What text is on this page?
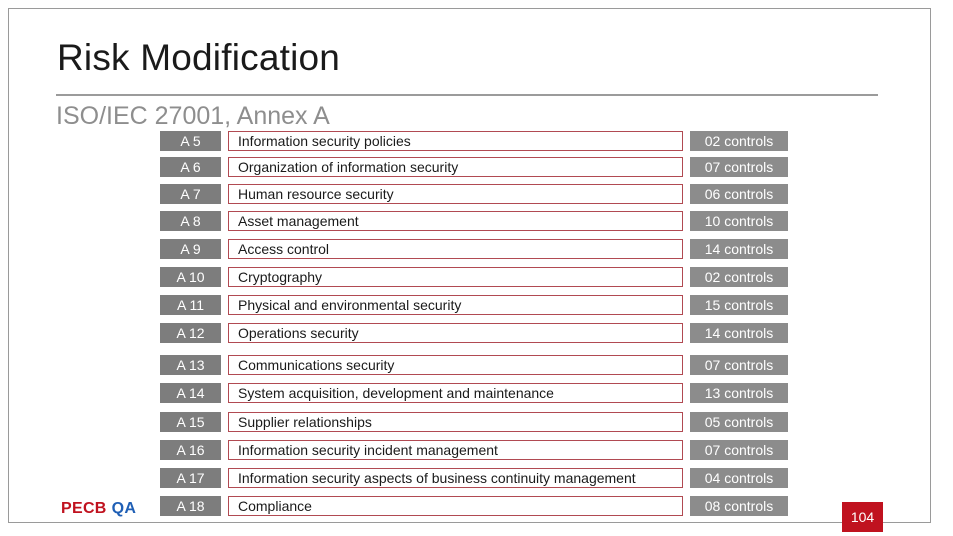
Risk Modification
ISO/IEC 27001, Annex A
PECB QA	104
A 5	Information security policies	02 controls
A 6	Organization of information security	07 controls
A 7	Human resource security	06 controls
A 8	Asset management	10 controls
A 9	Access control	14 controls
A 10	Cryptography	02 controls
A 11	Physical and environmental security	15 controls
A 12	Operations security	14 controls
A 13	Communications security	07 controls
A 14	System acquisition, development and maintenance	13 controls
A 15	Supplier relationships	05 controls
A 16	Information security incident management	07 controls
A 17	Information security aspects of business continuity management	04 controls
A 18	Compliance	08 controls
